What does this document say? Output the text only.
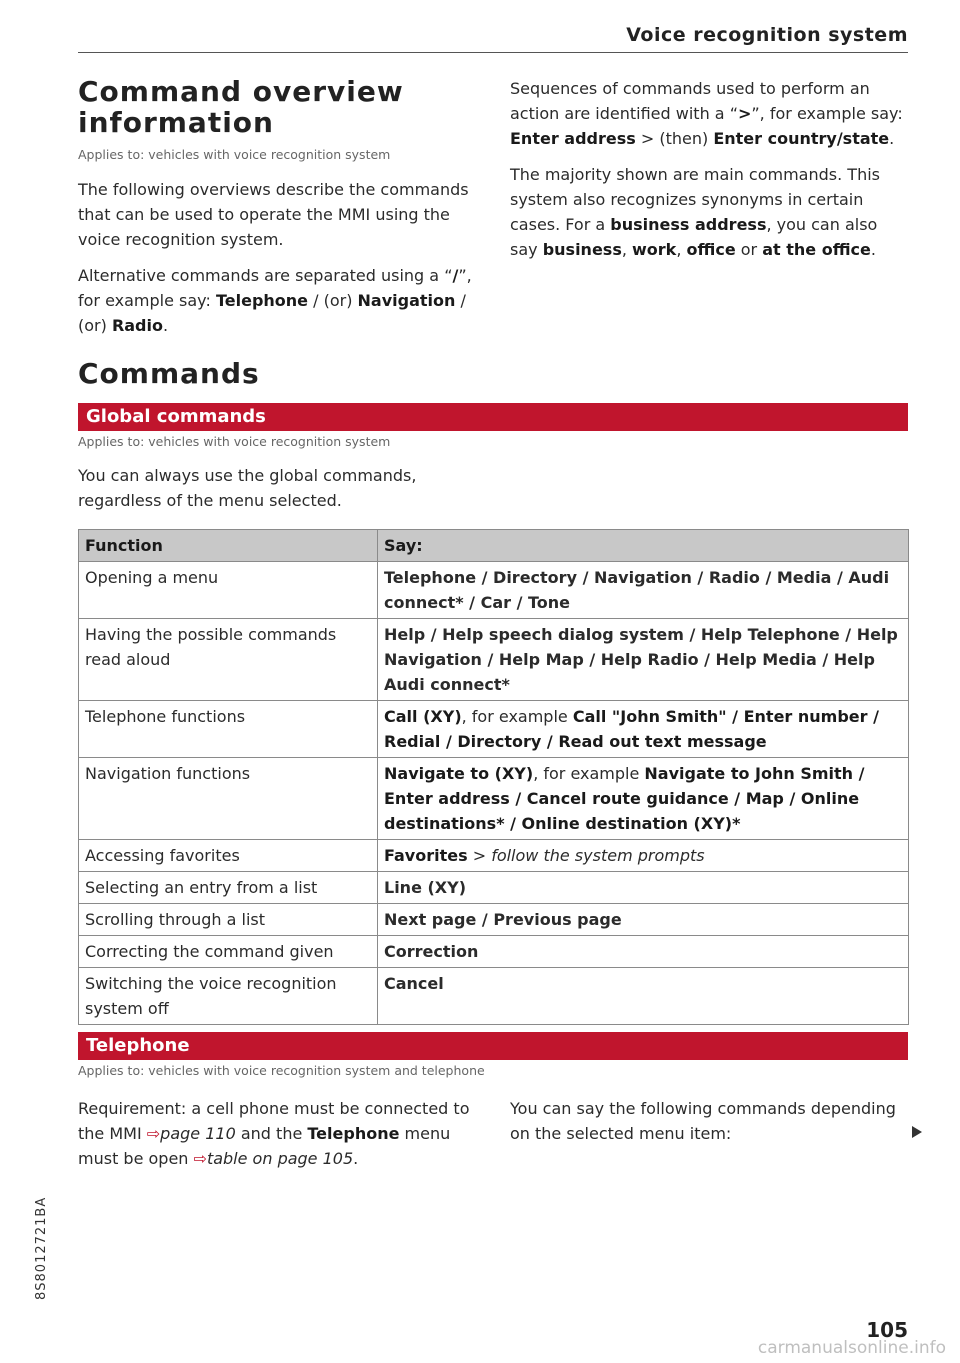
Voice recognition system
Command overview
information

Applies to: vehicles with voice recognition system

The following overviews describe the commands that can be used to operate the MMI using the voice recognition system.

Alternative commands are separated using a “/”, for example say: Telephone / (or) Navigation / (or) Radio.

Sequences of commands used to perform an action are identified with a “>”, for example say: Enter address > (then) Enter country/state.

The majority shown are main commands. This system also recognizes synonyms in certain cases. For a business address, you can also say business, work, office or at the office.

Commands
Global commands

Applies to: vehicles with voice recognition system

You can always use the global commands, regardless of the menu selected.

Function	Say:
Opening a menu	Telephone / Directory / Navigation / Radio / Media / Audi connect* / Car / Tone
Having the possible commands read aloud	Help / Help speech dialog system / Help Telephone / Help Navigation / Help Map / Help Radio / Help Media / Help Audi connect*
Telephone functions	Call (XY), for example Call "John Smith" / Enter number / Redial / Directory / Read out text message
Navigation functions	Navigate to (XY), for example Navigate to John Smith / Enter address / Cancel route guidance / Map / Online destinations* / Online destination (XY)*
Accessing favorites	Favorites > follow the system prompts
Selecting an entry from a list	Line (XY)
Scrolling through a list	Next page / Previous page
Correcting the command given	Correction
Switching the voice recognition system off	Cancel
Telephone

Applies to: vehicles with voice recognition system and telephone

Requirement: a cell phone must be connected to the MMI ⇨page 110 and the Telephone menu must be open ⇨table on page 105.

You can say the following commands depending on the selected menu item:

8S8012721BA
105
carmanualsonline.info
